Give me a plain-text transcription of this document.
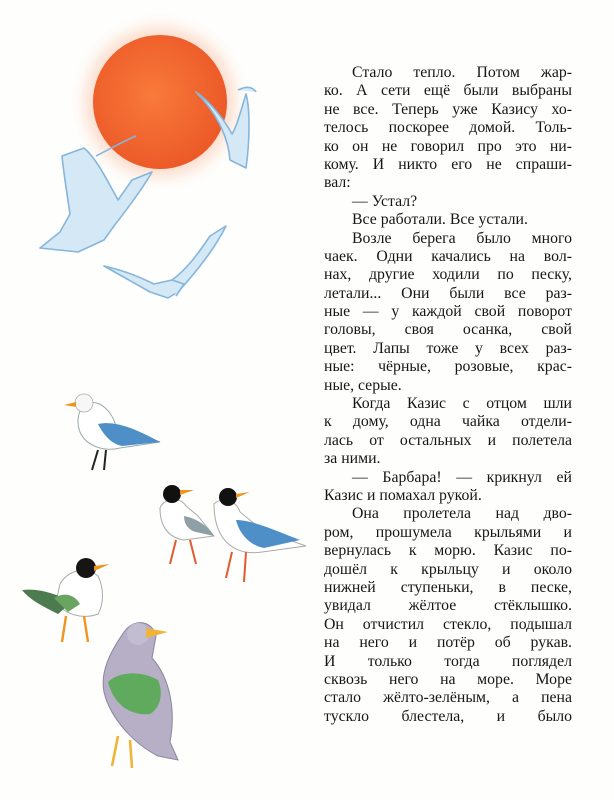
Стало тепло. Потом жар-
ко. А сети ещё были выбраны
не все. Теперь уже Казису хо-
телось поскорее домой. Толь-
ко он не говорил про это ни-
кому. И никто его не спраши-
вал:

— Устал?

Все работали. Все устали.

Возле берега было много
чаек. Одни качались на вол-
нах, другие ходили по песку,
летали... Они были все раз-
ные — у каждой свой поворот
головы, своя осанка, свой
цвет. Лапы тоже у всех раз-
ные: чёрные, розовые, крас-
ные, серые.

Когда Казис с отцом шли
к дому, одна чайка отдели-
лась от остальных и полетела
за ними.

— Барбара! — крикнул ей
Казис и помахал рукой.

Она пролетела над дво-
ром, прошумела крыльями и
вернулась к морю. Казис по-
дошёл к крыльцу и около
нижней ступеньки, в песке,
увидал жёлтое стёклышко.
Он отчистил стекло, подышал
на него и потёр об рукав.
И только тогда поглядел
сквозь него на море. Море
стало жёлто-зелёным, а пена
тускло блестела, и было
